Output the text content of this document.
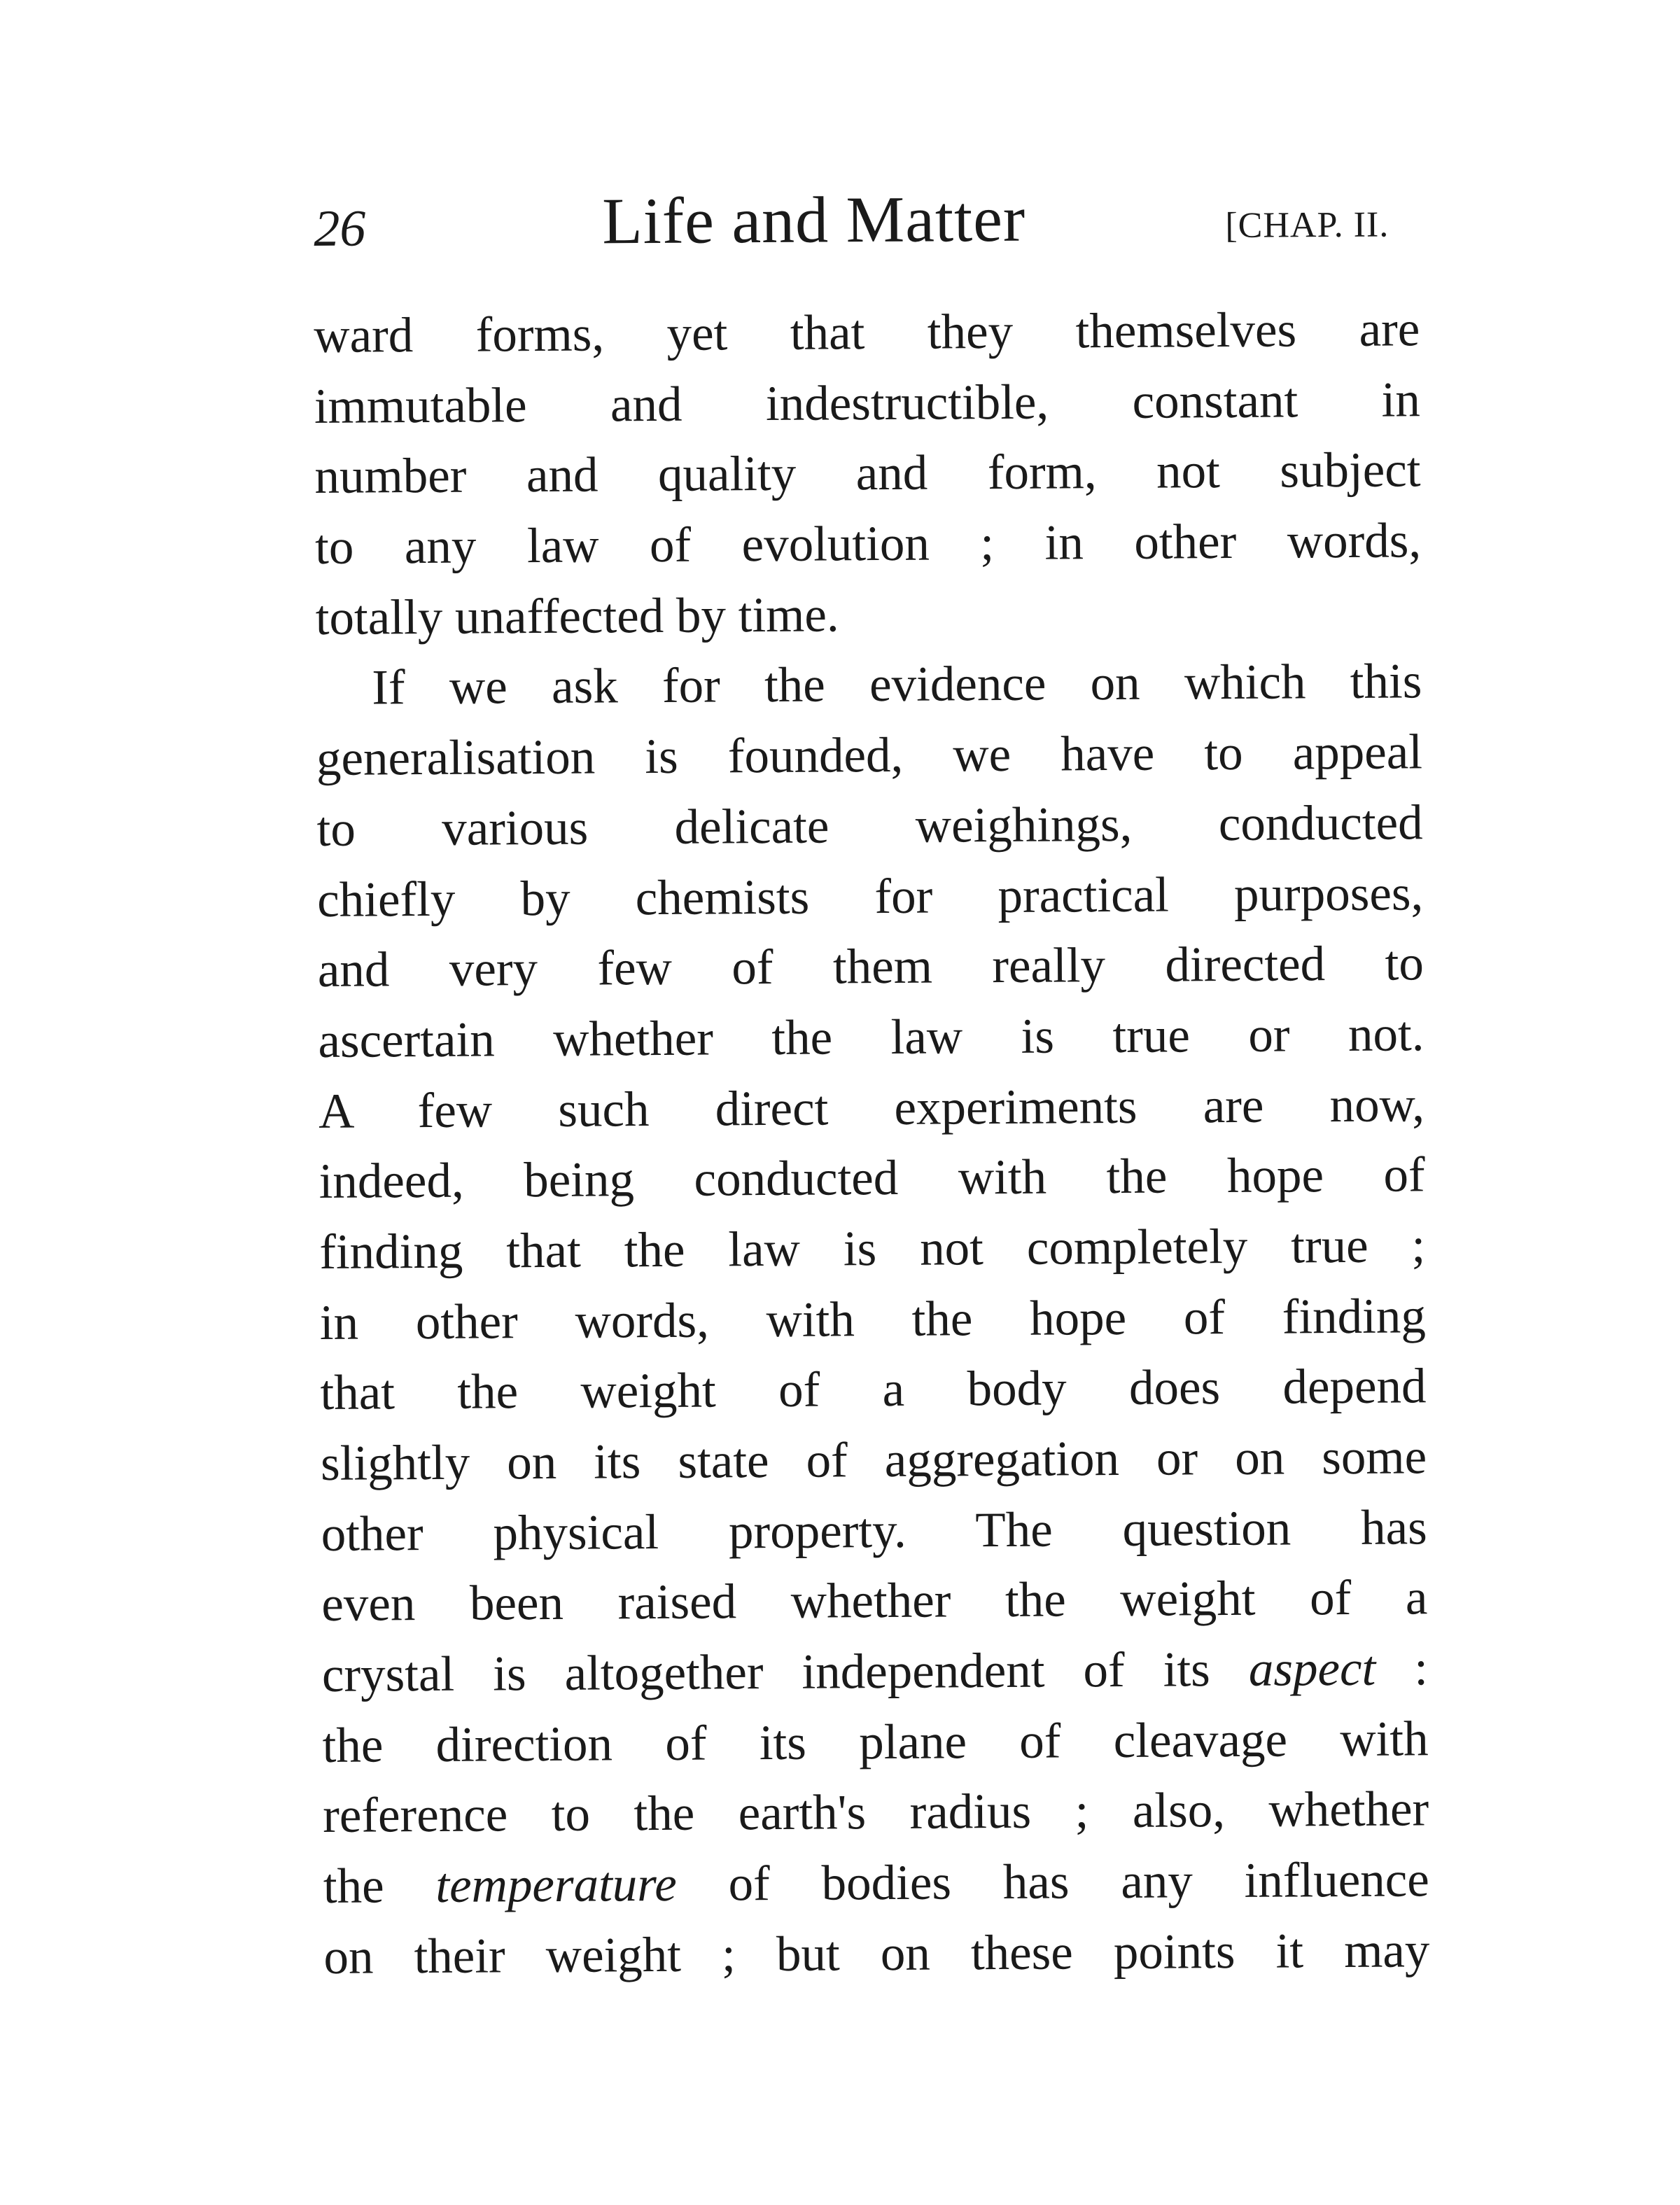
26	Life and Matter	[CHAP. II.
ward forms, yet that they themselves are
immutable and indestructible, constant in
number and quality and form, not subject
to any law of evolution ; in other words,
totally unaffected by time.
If we ask for the evidence on which this
generalisation is founded, we have to appeal
to various delicate weighings, conducted
chiefly by chemists for practical purposes,
and very few of them really directed to
ascertain whether the law is true or not.
A few such direct experiments are now,
indeed, being conducted with the hope of
finding that the law is not completely true ;
in other words, with the hope of finding
that the weight of a body does depend
slightly on its state of aggregation or on some
other physical property. The question has
even been raised whether the weight of a
crystal is altogether independent of its aspect :
the direction of its plane of cleavage with
reference to the earth's radius ; also, whether
the temperature of bodies has any influence
on their weight ; but on these points it may
